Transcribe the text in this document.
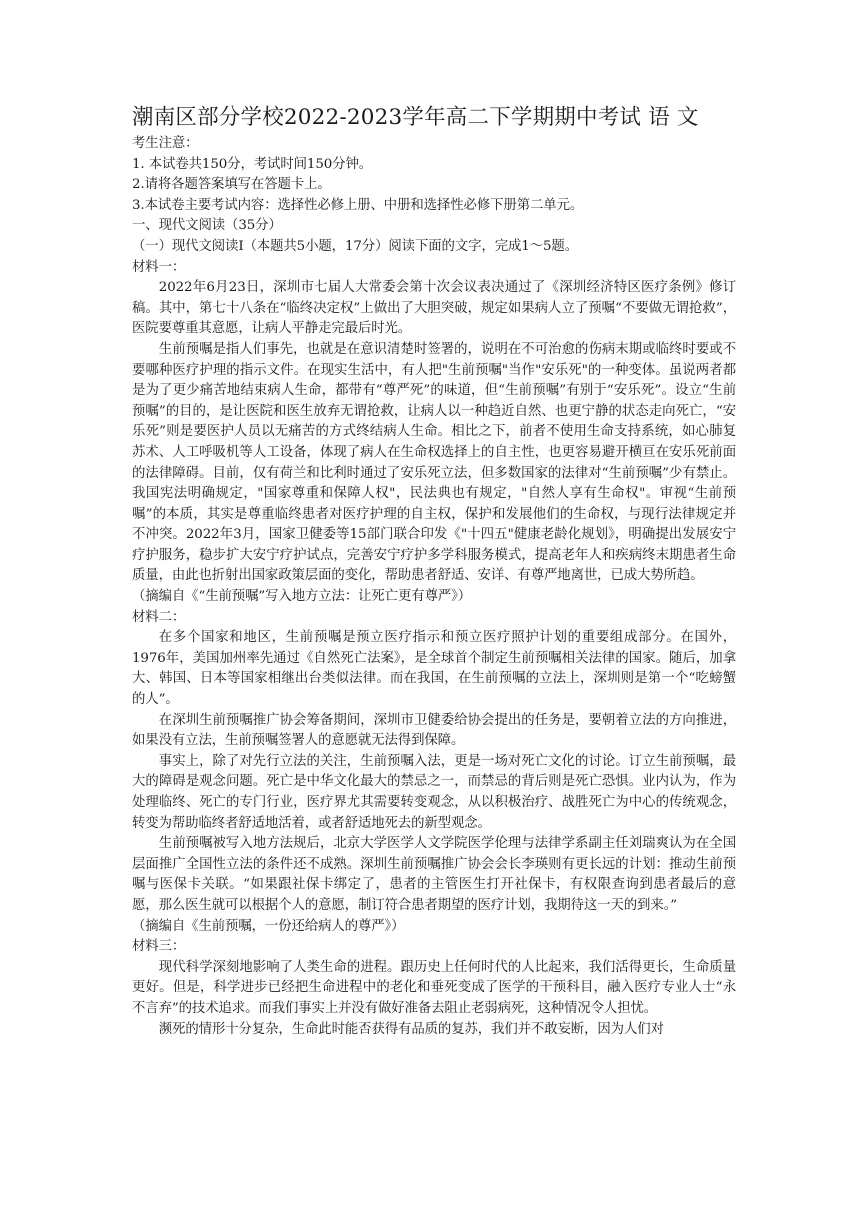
潮南区部分学校2022-2023学年高二下学期期中考试 语 文

考生注意：

1. 本试卷共150分，考试时间150分钟。

2.请将各题答案填写在答题卡上。

3.本试卷主要考试内容：选择性必修上册、中册和选择性必修下册第二单元。

一、现代文阅读（35分）

（一）现代文阅读Ⅰ（本题共5小题，17分）阅读下面的文字，完成1～5题。

材料一：

2022年6月23日，深圳市七届人大常委会第十次会议表决通过了《深圳经济特区医疗条例》修订稿。其中，第七十八条在“临终决定权”上做出了大胆突破，规定如果病人立了预嘱“不要做无谓抢救”，医院要尊重其意愿，让病人平静走完最后时光。

生前预嘱是指人们事先，也就是在意识清楚时签署的，说明在不可治愈的伤病末期或临终时要或不要哪种医疗护理的指示文件。在现实生活中，有人把"生前预嘱"当作"安乐死"的一种变体。虽说两者都是为了更少痛苦地结束病人生命，都带有“尊严死”的味道，但“生前预嘱”有别于“安乐死”。设立“生前预嘱”的目的，是让医院和医生放弃无谓抢救，让病人以一种趋近自然、也更宁静的状态走向死亡，“安乐死”则是要医护人员以无痛苦的方式终结病人生命。相比之下，前者不使用生命支持系统，如心肺复苏术、人工呼吸机等人工设备，体现了病人在生命权选择上的自主性，也更容易避开横亘在安乐死前面的法律障碍。目前，仅有荷兰和比利时通过了安乐死立法，但多数国家的法律对“生前预嘱”少有禁止。我国宪法明确规定，"国家尊重和保障人权"，民法典也有规定，"自然人享有生命权"。审视“生前预嘱”的本质，其实是尊重临终患者对医疗护理的自主权，保护和发展他们的生命权，与现行法律规定并不冲突。2022年3月，国家卫健委等15部门联合印发《"十四五"健康老龄化规划》，明确提出发展安宁疗护服务，稳步扩大安宁疗护试点，完善安宁疗护多学科服务模式，提高老年人和疾病终末期患者生命质量，由此也折射出国家政策层面的变化，帮助患者舒适、安详、有尊严地离世，已成大势所趋。

（摘编自《“生前预嘱”写入地方立法：让死亡更有尊严》）

材料二：

在多个国家和地区，生前预嘱是预立医疗指示和预立医疗照护计划的重要组成部分。在国外，1976年，美国加州率先通过《自然死亡法案》，是全球首个制定生前预嘱相关法律的国家。随后，加拿大、韩国、日本等国家相继出台类似法律。而在我国，在生前预嘱的立法上，深圳则是第一个“吃螃蟹的人”。

在深圳生前预嘱推广协会筹备期间，深圳市卫健委给协会提出的任务是，要朝着立法的方向推进，如果没有立法，生前预嘱签署人的意愿就无法得到保障。

事实上，除了对先行立法的关注，生前预嘱入法，更是一场对死亡文化的讨论。订立生前预嘱，最大的障碍是观念问题。死亡是中华文化最大的禁忌之一，而禁忌的背后则是死亡恐惧。业内认为，作为处理临终、死亡的专门行业，医疗界尤其需要转变观念，从以积极治疗、战胜死亡为中心的传统观念，转变为帮助临终者舒适地活着，或者舒适地死去的新型观念。

生前预嘱被写入地方法规后，北京大学医学人文学院医学伦理与法律学系副主任刘瑞爽认为在全国层面推广全国性立法的条件还不成熟。深圳生前预嘱推广协会会长李瑛则有更长远的计划：推动生前预嘱与医保卡关联。“如果跟社保卡绑定了，患者的主管医生打开社保卡，有权限查询到患者最后的意愿，那么医生就可以根据个人的意愿，制订符合患者期望的医疗计划，我期待这一天的到来。”

（摘编自《生前预嘱，一份还给病人的尊严》）

材料三：

现代科学深刻地影响了人类生命的进程。跟历史上任何时代的人比起来，我们活得更长，生命质量更好。但是，科学进步已经把生命进程中的老化和垂死变成了医学的干预科目，融入医疗专业人士“永不言弃”的技术追求。而我们事实上并没有做好准备去阻止老弱病死，这种情况令人担忧。

濒死的情形十分复杂，生命此时能否获得有品质的复苏，我们并不敢妄断，因为人们对
